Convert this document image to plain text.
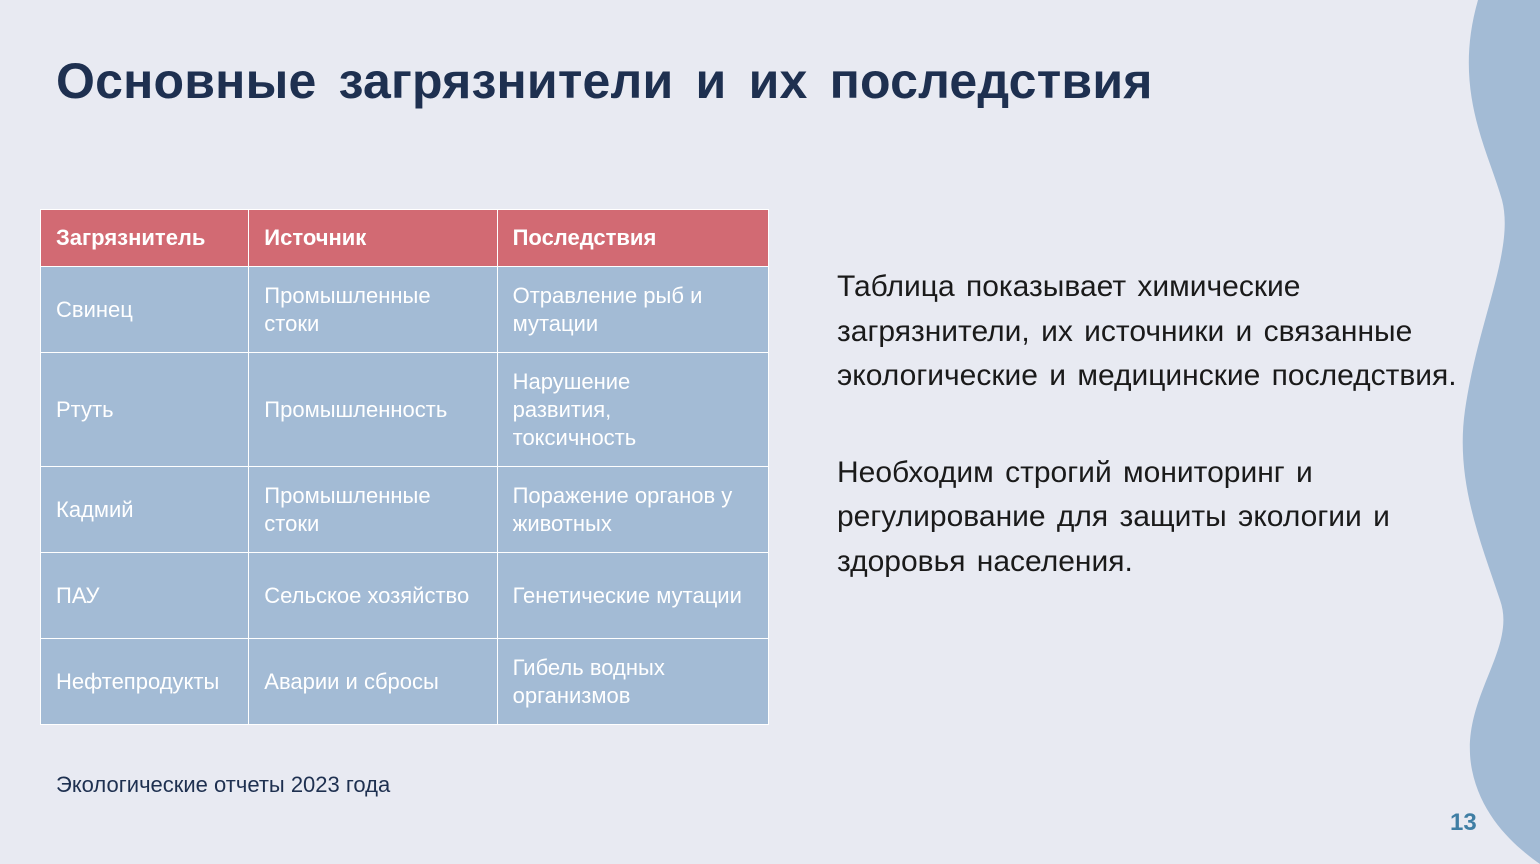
Основные загрязнители и их последствия
Загрязнитель	Источник	Последствия
Свинец	Промышленные стоки	Отравление рыб и мутации
Ртуть	Промышленность	Нарушение развития, токсичность
Кадмий	Промышленные стоки	Поражение органов у животных
ПАУ	Сельское хозяйство	Генетические мутации
Нефтепродукты	Аварии и сбросы	Гибель водных организмов

Таблица показывает химические загрязнители, их источники и связанные экологические и медицинские последствия.

Необходим строгий мониторинг и регулирование для защиты экологии и здоровья населения.

Экологические отчеты 2023 года
13
